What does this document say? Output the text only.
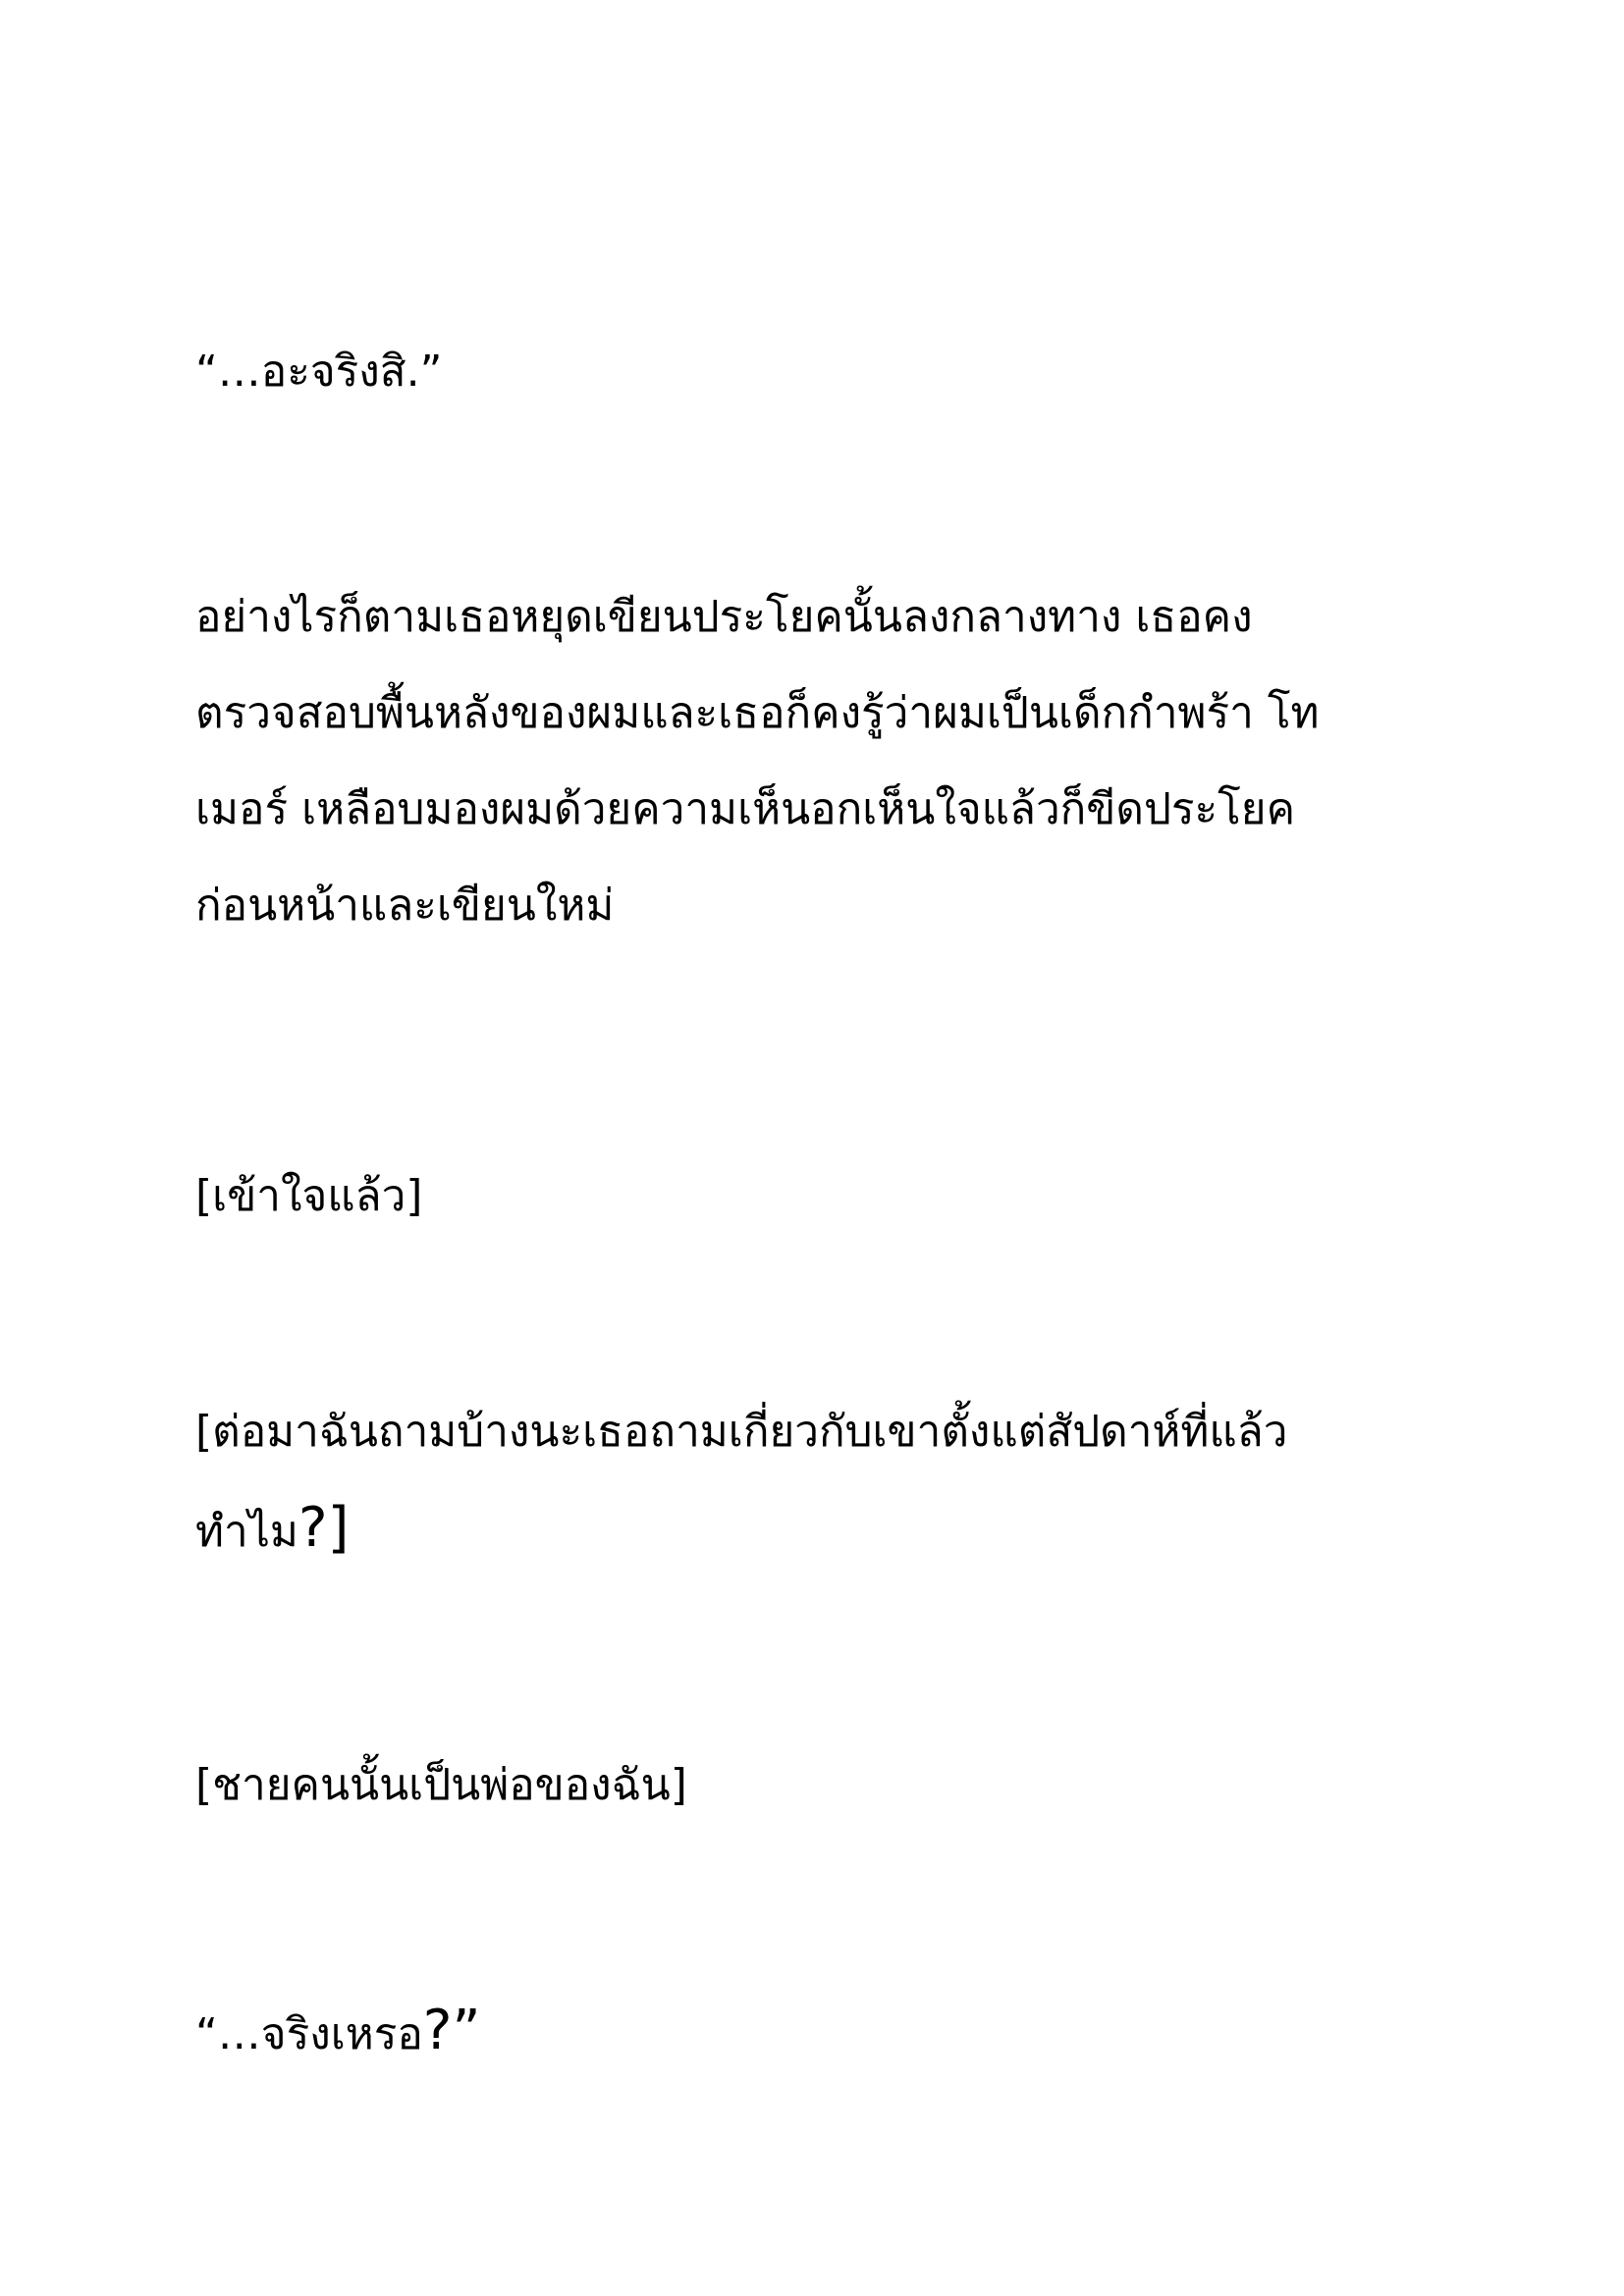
“…อะจริงสิ.”

อย่างไรก็ตามเธอหยุดเขียนประโยคนั้นลงกลางทาง เธอคง
ตรวจสอบพื้นหลังของผมและเธอก็คงรู้ว่าผมเป็นเด็กกำพร้า โท
เมอร์ เหลือบมองผมด้วยความเห็นอกเห็นใจแล้วก็ขีดประโยค
ก่อนหน้าและเขียนใหม่

[เข้าใจแล้ว]

[ต่อมาฉันถามบ้างนะเธอถามเกี่ยวกับเขาตั้งแต่สัปดาห์ที่แล้ว
ทำไม?]

[ชายคนนั้นเป็นพ่อของฉัน]

“…จริงเหรอ?”
